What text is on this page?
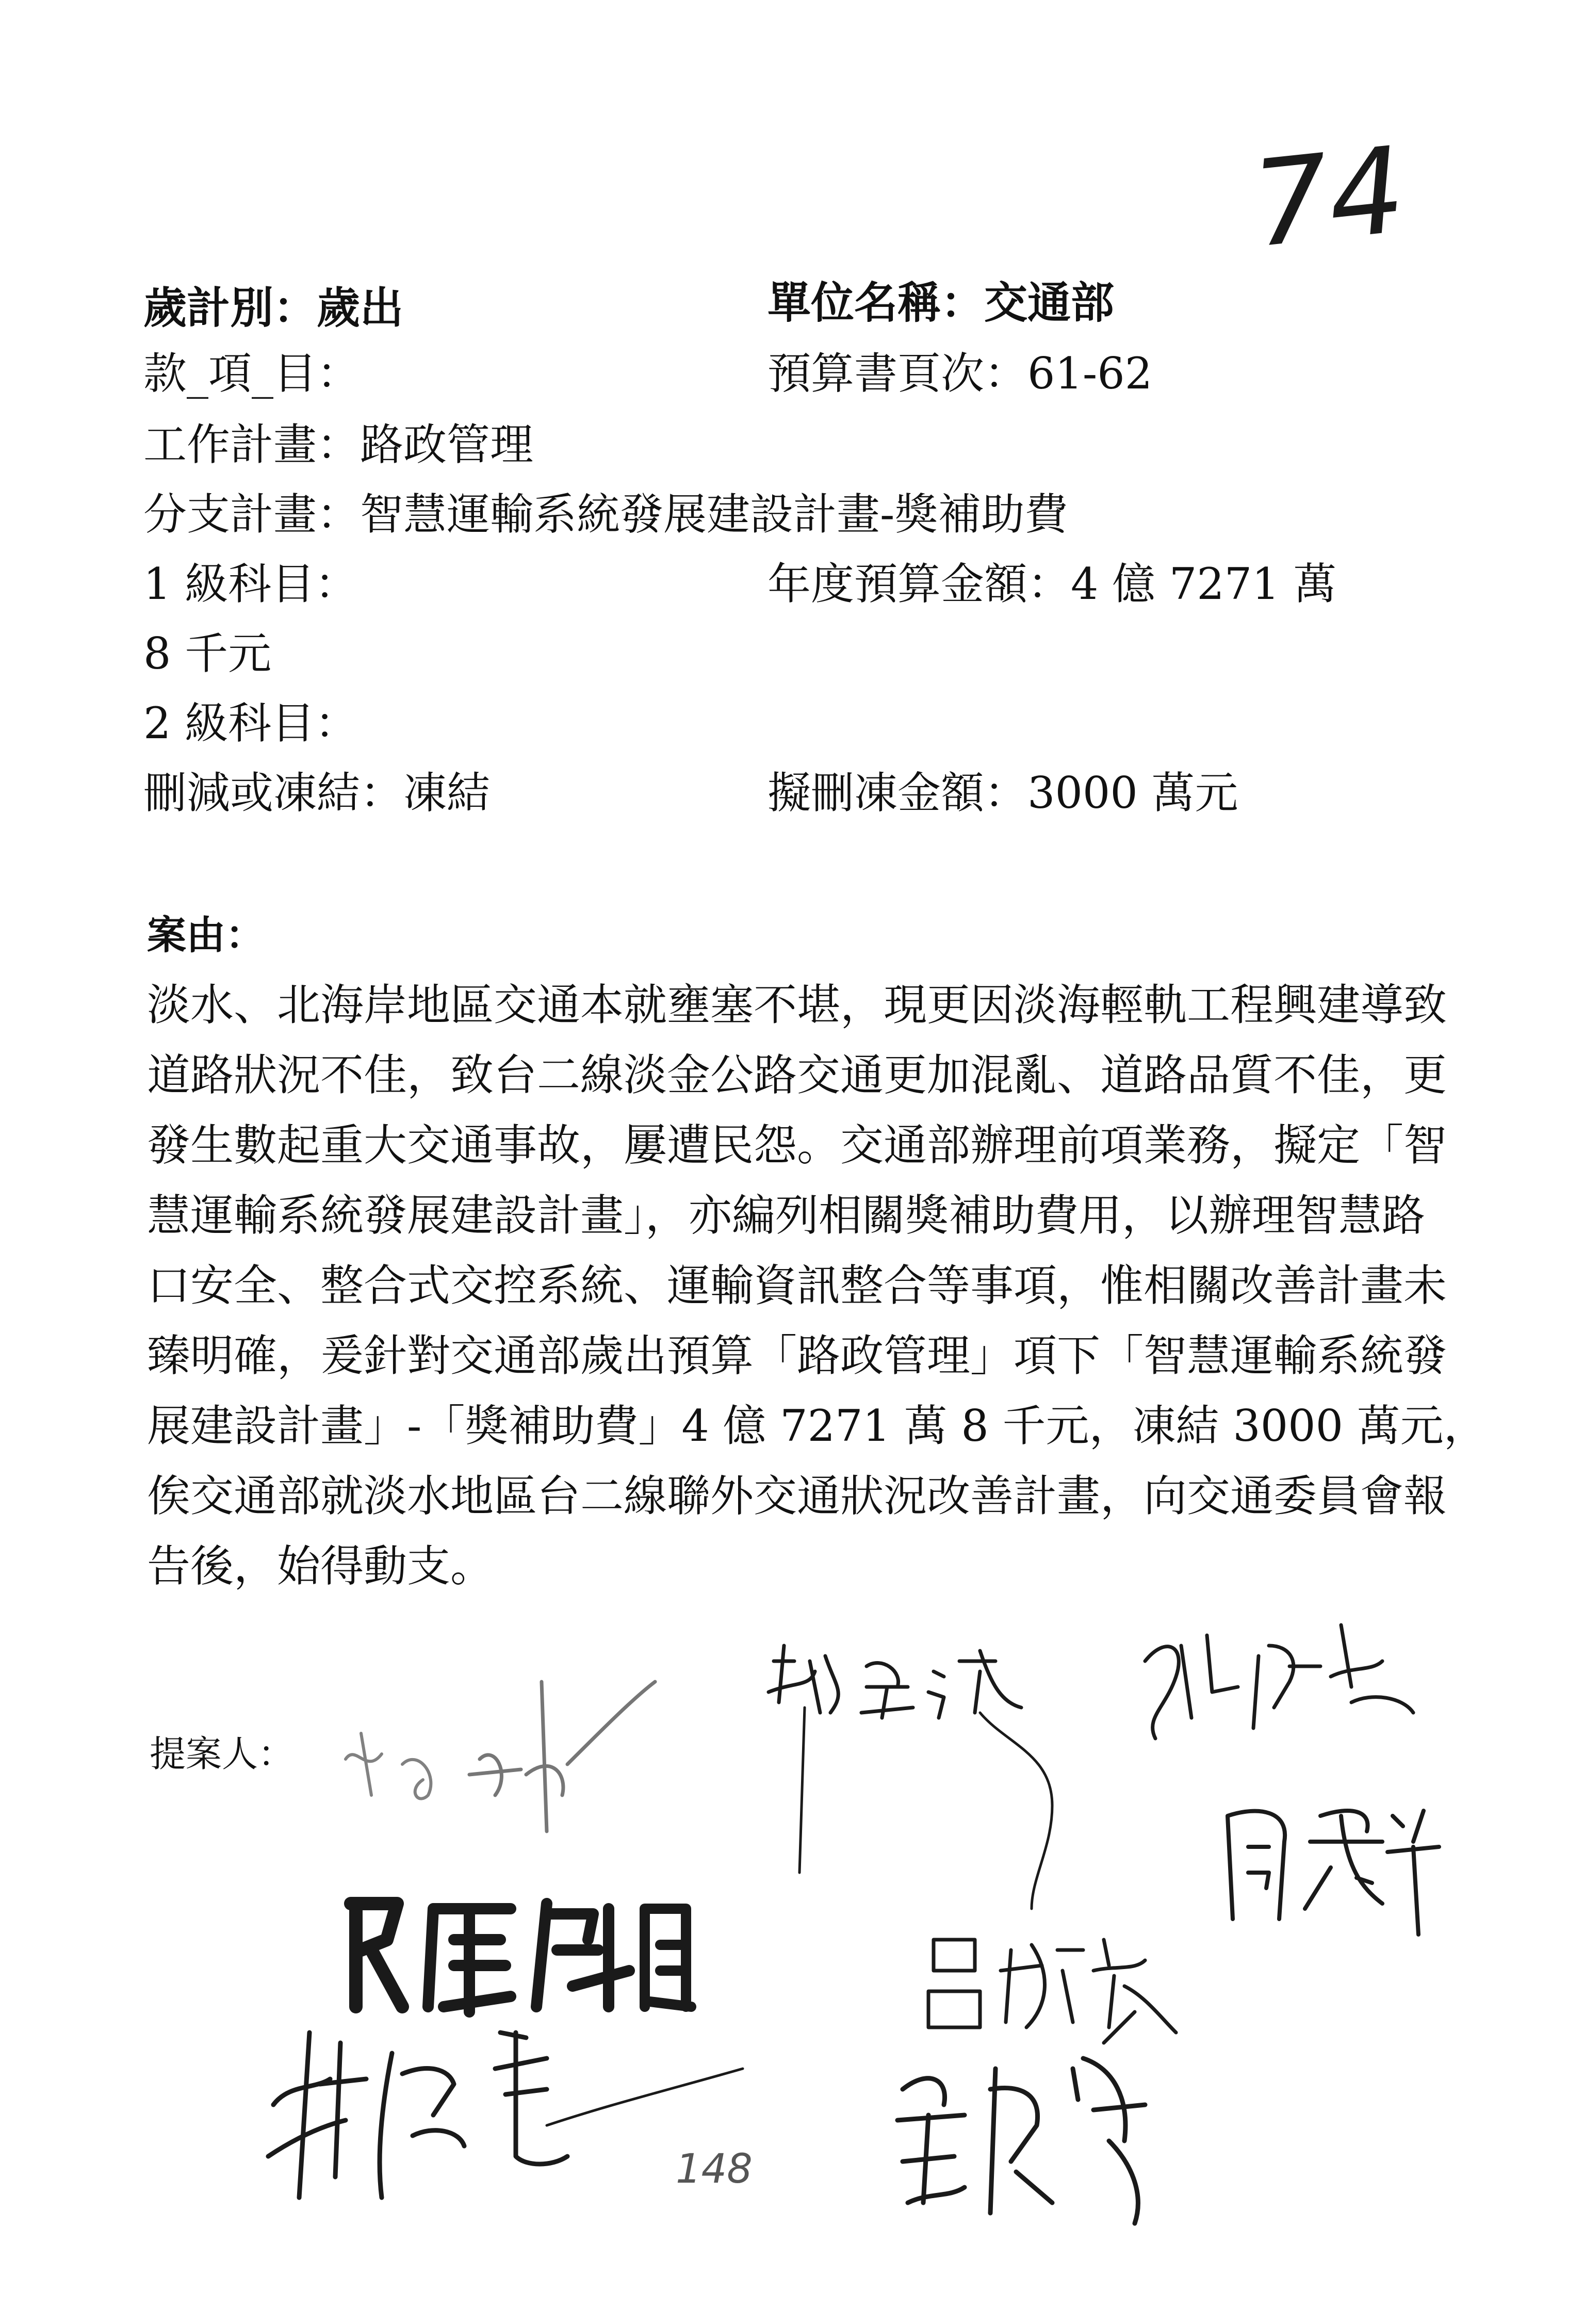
74
歲計別：歲出	單位名稱：交通部
款_項_目：	預算書頁次：61-62
工作計畫：路政管理
分支計畫：智慧運輸系統發展建設計畫-獎補助費
1 級科目：	年度預算金額：4 億 7271 萬
8 千元
2 級科目：
刪減或凍結：凍結	擬刪凍金額：3000 萬元
案由：
淡水、北海岸地區交通本就壅塞不堪，現更因淡海輕軌工程興建導致
道路狀況不佳，致台二線淡金公路交通更加混亂、道路品質不佳，更
發生數起重大交通事故，屢遭民怨。交通部辦理前項業務，擬定「智
慧運輸系統發展建設計畫」，亦編列相關獎補助費用，以辦理智慧路
口安全、整合式交控系統、運輸資訊整合等事項，惟相關改善計畫未
臻明確，爰針對交通部歲出預算「路政管理」項下「智慧運輸系統發
展建設計畫」-「獎補助費」4 億 7271 萬 8 千元，凍結 3000 萬元，
俟交通部就淡水地區台二線聯外交通狀況改善計畫，向交通委員會報
告後，始得動支。
提案人：
148
